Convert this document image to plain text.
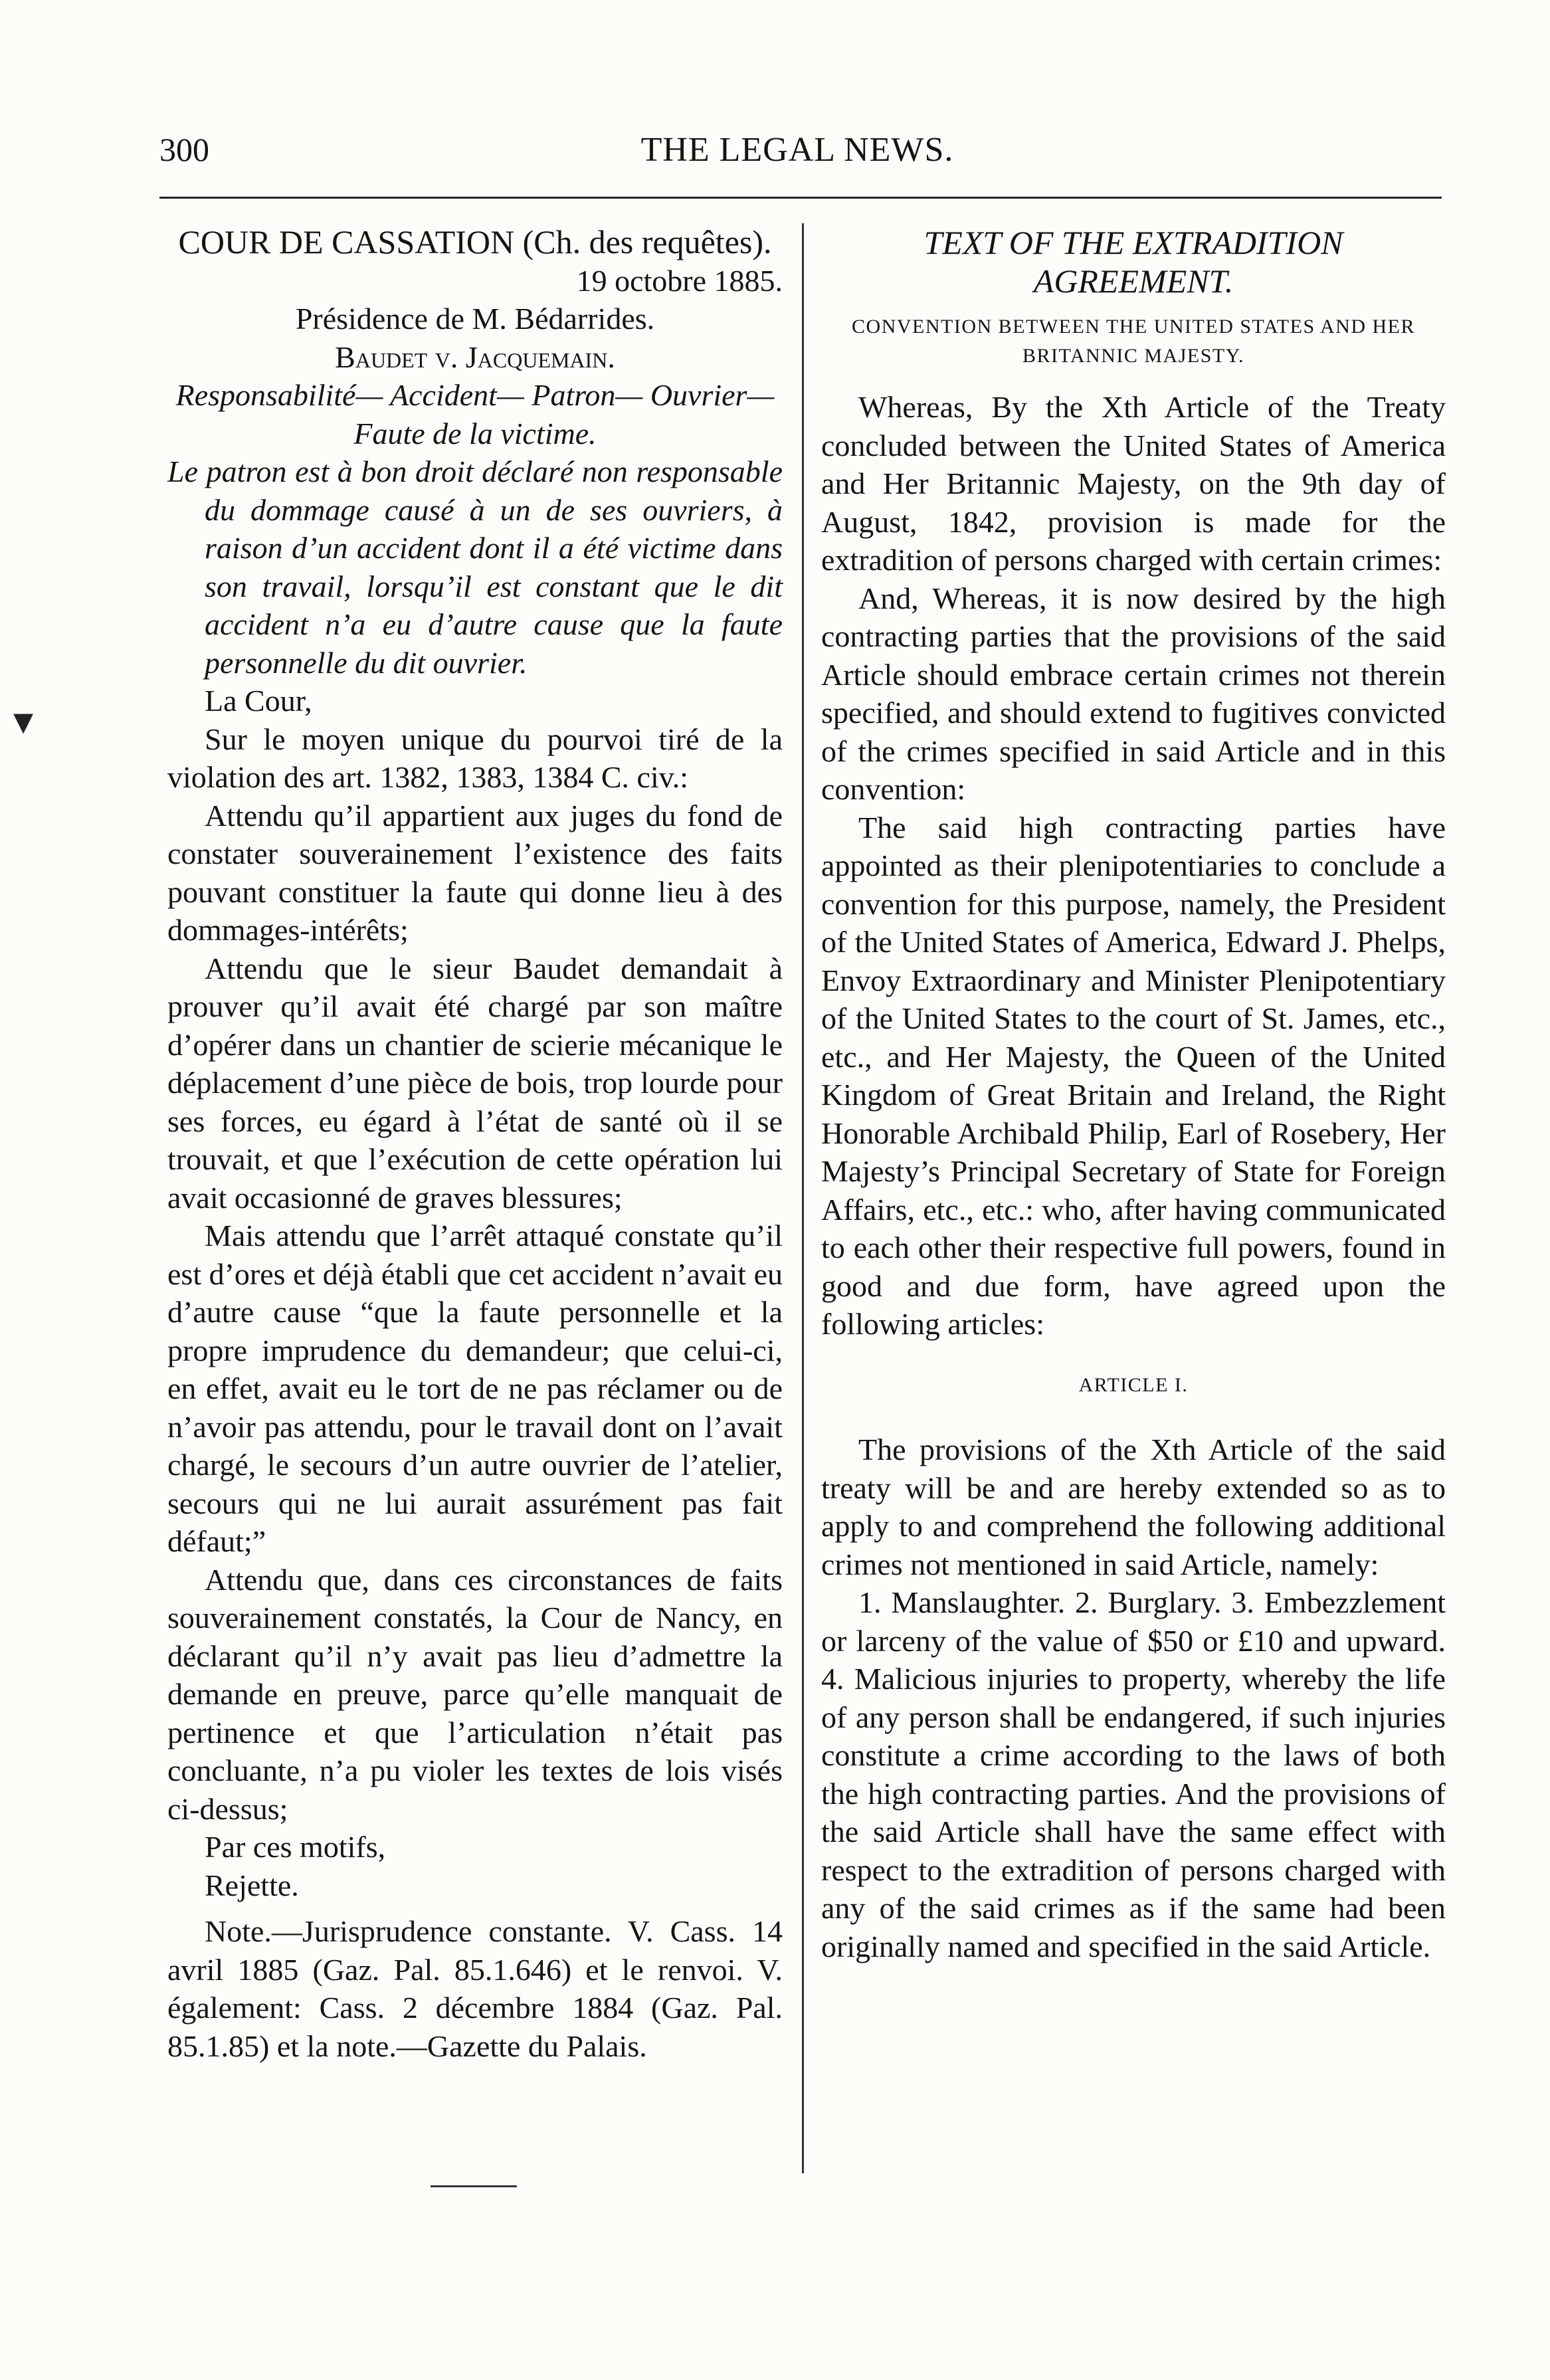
300	THE LEGAL NEWS.
▾

COUR DE CASSATION (Ch. des requêtes).

19 octobre 1885.

Présidence de M. Bédarrides.

Baudet v. Jacquemain.

Responsabilité— Accident— Patron— Ouvrier— Faute de la victime.

Le patron est à bon droit déclaré non responsable du dommage causé à un de ses ouvriers, à raison d’un accident dont il a été victime dans son travail, lorsqu’il est constant que le dit accident n’a eu d’autre cause que la faute personnelle du dit ouvrier.

La Cour,

Sur le moyen unique du pourvoi tiré de la violation des art. 1382, 1383, 1384 C. civ.:

Attendu qu’il appartient aux juges du fond de constater souverainement l’existence des faits pouvant constituer la faute qui donne lieu à des dommages-intérêts;

Attendu que le sieur Baudet demandait à prouver qu’il avait été chargé par son maître d’opérer dans un chantier de scierie mécanique le déplacement d’une pièce de bois, trop lourde pour ses forces, eu égard à l’état de santé où il se trouvait, et que l’exécution de cette opération lui avait occasionné de graves blessures;

Mais attendu que l’arrêt attaqué constate qu’il est d’ores et déjà établi que cet accident n’avait eu d’autre cause “que la faute personnelle et la propre imprudence du demandeur; que celui-ci, en effet, avait eu le tort de ne pas réclamer ou de n’avoir pas attendu, pour le travail dont on l’avait chargé, le secours d’un autre ouvrier de l’atelier, secours qui ne lui aurait assurément pas fait défaut;”

Attendu que, dans ces circonstances de faits souverainement constatés, la Cour de Nancy, en déclarant qu’il n’y avait pas lieu d’admettre la demande en preuve, parce qu’elle manquait de pertinence et que l’articulation n’était pas concluante, n’a pu violer les textes de lois visés ci-dessus;

Par ces motifs,

Rejette.

Note.—Jurisprudence constante. V. Cass. 14 avril 1885 (Gaz. Pal. 85.1.646) et le renvoi. V. également: Cass. 2 décembre 1884 (Gaz. Pal. 85.1.85) et la note.—Gazette du Palais.

TEXT OF THE EXTRADITION AGREEMENT.

CONVENTION BETWEEN THE UNITED STATES AND HER BRITANNIC MAJESTY.

Whereas, By the Xth Article of the Treaty concluded between the United States of America and Her Britannic Majesty, on the 9th day of August, 1842, provision is made for the extradition of persons charged with certain crimes:

And, Whereas, it is now desired by the high contracting parties that the provisions of the said Article should embrace certain crimes not therein specified, and should extend to fugitives convicted of the crimes specified in said Article and in this convention:

The said high contracting parties have appointed as their plenipotentiaries to conclude a convention for this purpose, namely, the President of the United States of America, Edward J. Phelps, Envoy Extraordinary and Minister Plenipotentiary of the United States to the court of St. James, etc., etc., and Her Majesty, the Queen of the United Kingdom of Great Britain and Ireland, the Right Honorable Archibald Philip, Earl of Rosebery, Her Majesty’s Principal Secretary of State for Foreign Affairs, etc., etc.: who, after having communicated to each other their respective full powers, found in good and due form, have agreed upon the following articles:

ARTICLE I.

The provisions of the Xth Article of the said treaty will be and are hereby extended so as to apply to and comprehend the following additional crimes not mentioned in said Article, namely:

1. Manslaughter. 2. Burglary. 3. Embezzlement or larceny of the value of $50 or £10 and upward. 4. Malicious injuries to property, whereby the life of any person shall be endangered, if such injuries constitute a crime according to the laws of both the high contracting parties. And the provisions of the said Article shall have the same effect with respect to the extradition of persons charged with any of the said crimes as if the same had been originally named and specified in the said Article.
